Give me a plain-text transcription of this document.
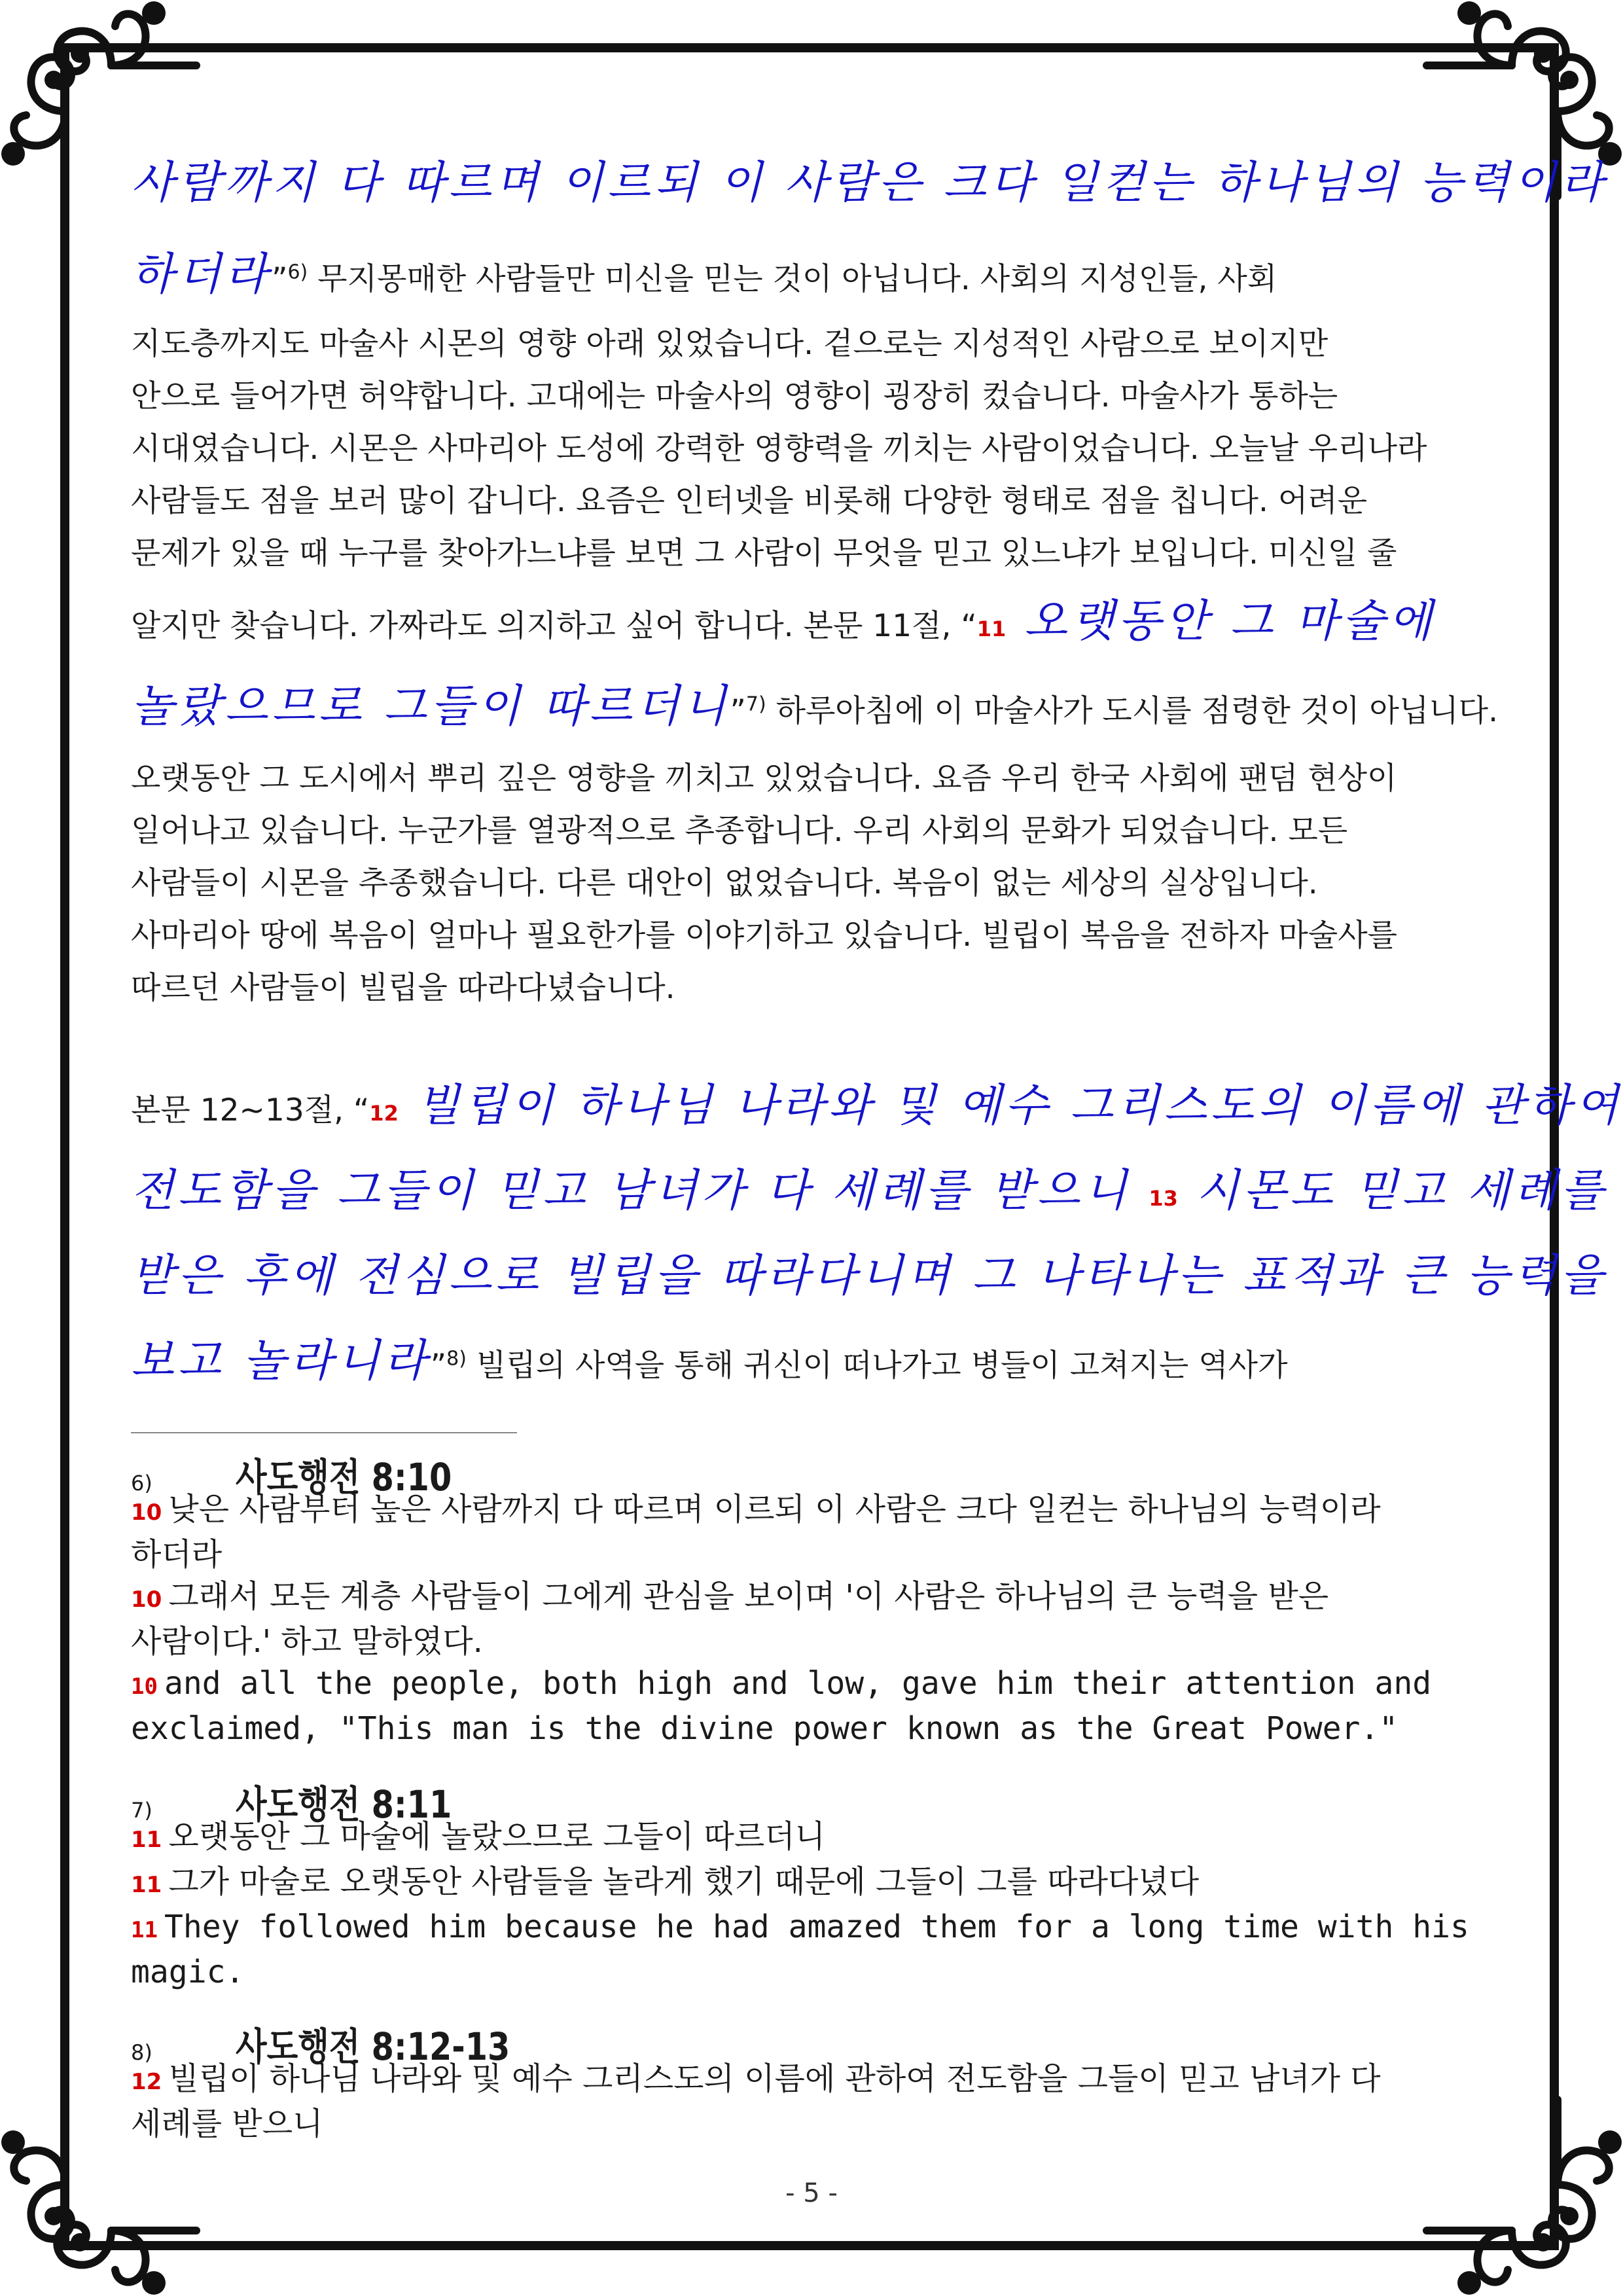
사람까지 다 따르며 이르되 이 사람은 크다 일컫는 하나님의 능력이라

하더라”$^{6)}$ 무지몽매한 사람들만 미신을 믿는 것이 아닙니다. 사회의 지성인들, 사회

지도층까지도 마술사 시몬의 영향 아래 있었습니다. 겉으로는 지성적인 사람으로 보이지만

안으로 들어가면 허약합니다. 고대에는 마술사의 영향이 굉장히 컸습니다. 마술사가 통하는

시대였습니다. 시몬은 사마리아 도성에 강력한 영향력을 끼치는 사람이었습니다. 오늘날 우리나라

사람들도 점을 보러 많이 갑니다. 요즘은 인터넷을 비롯해 다양한 형태로 점을 칩니다. 어려운

문제가 있을 때 누구를 찾아가느냐를 보면 그 사람이 무엇을 믿고 있느냐가 보입니다. 미신일 줄

알지만 찾습니다. 가짜라도 의지하고 싶어 합니다. 본문 11절, “11 오랫동안 그 마술에

놀랐으므로 그들이 따르더니”$^{7)}$ 하루아침에 이 마술사가 도시를 점령한 것이 아닙니다.

오랫동안 그 도시에서 뿌리 깊은 영향을 끼치고 있었습니다. 요즘 우리 한국 사회에 팬덤 현상이

일어나고 있습니다. 누군가를 열광적으로 추종합니다. 우리 사회의 문화가 되었습니다. 모든

사람들이 시몬을 추종했습니다. 다른 대안이 없었습니다. 복음이 없는 세상의 실상입니다.

사마리아 땅에 복음이 얼마나 필요한가를 이야기하고 있습니다. 빌립이 복음을 전하자 마술사를

따르던 사람들이 빌립을 따라다녔습니다.

본문 12~13절, “12 빌립이 하나님 나라와 및 예수 그리스도의 이름에 관하여

전도함을 그들이 믿고 남녀가 다 세례를 받으니 13 시몬도 믿고 세례를

받은 후에 전심으로 빌립을 따라다니며 그 나타나는 표적과 큰 능력을

보고 놀라니라”$^{8)}$ 빌립의 사역을 통해 귀신이 떠나가고 병들이 고쳐지는 역사가

6)	사도행전 8:10
10 낮은 사람부터 높은 사람까지 다 따르며 이르되 이 사람은 크다 일컫는 하나님의 능력이라
하더라
10 그래서 모든 계층 사람들이 그에게 관심을 보이며 '이 사람은 하나님의 큰 능력을 받은
사람이다.' 하고 말하였다.
10 and all the people, both high and low, gave him their attention and
exclaimed, "This man is the divine power known as the Great Power."
7)	사도행전 8:11
11 오랫동안 그 마술에 놀랐으므로 그들이 따르더니
11 그가 마술로 오랫동안 사람들을 놀라게 했기 때문에 그들이 그를 따라다녔다
11 They followed him because he had amazed them for a long time with his
magic.
8)	사도행전 8:12-13
12 빌립이 하나님 나라와 및 예수 그리스도의 이름에 관하여 전도함을 그들이 믿고 남녀가 다
세례를 받으니
- 5 -
